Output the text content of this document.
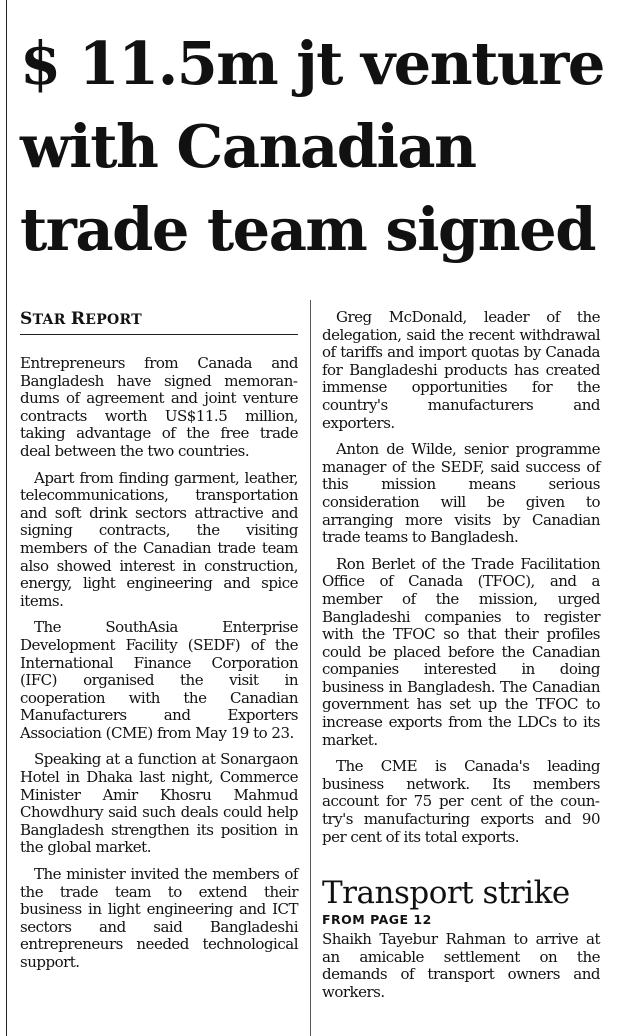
$ 11.5m jt venture
with Canadian
trade team signed
STAR REPORT

Entrepreneurs from Canada and Bangladesh have signed memorandums of agreement and joint venture contracts worth US$11.5 million, taking advantage of the free trade deal between the two countries.

Apart from finding garment, leather, telecommunications, transportation and soft drink sectors attractive and signing contracts, the visiting members of the Canadian trade team also showed interest in construction, energy, light engineering and spice items.

The SouthAsia Enterprise Development Facility (SEDF) of the International Finance Corporation (IFC) organised the visit in cooperation with the Canadian Manufacturers and Exporters Association (CME) from May 19 to 23.

Speaking at a function at Sonargaon Hotel in Dhaka last night, Commerce Minister Amir Khosru Mahmud Chowdhury said such deals could help Bangladesh strengthen its position in the global market.

The minister invited the members of the trade team to extend their business in light engineering and ICT sectors and said Bangladeshi entrepreneurs needed technological support.

Greg McDonald, leader of the delegation, said the recent withdrawal of tariffs and import quotas by Canada for Bangladeshi products has created immense opportunities for the country's manufacturers and exporters.

Anton de Wilde, senior programme manager of the SEDF, said success of this mission means serious consideration will be given to arranging more visits by Canadian trade teams to Bangladesh.

Ron Berlet of the Trade Facilitation Office of Canada (TFOC), and a member of the mission, urged Bangladeshi companies to register with the TFOC so that their profiles could be placed before the Canadian companies interested in doing business in Bangladesh. The Canadian government has set up the TFOC to increase exports from the LDCs to its market.

The CME is Canada's leading business network. Its members account for 75 per cent of the country's manufacturing exports and 90 per cent of its total exports.

Transport strike
FROM PAGE 12

Shaikh Tayebur Rahman to arrive at an amicable settlement on the demands of transport owners and workers.
